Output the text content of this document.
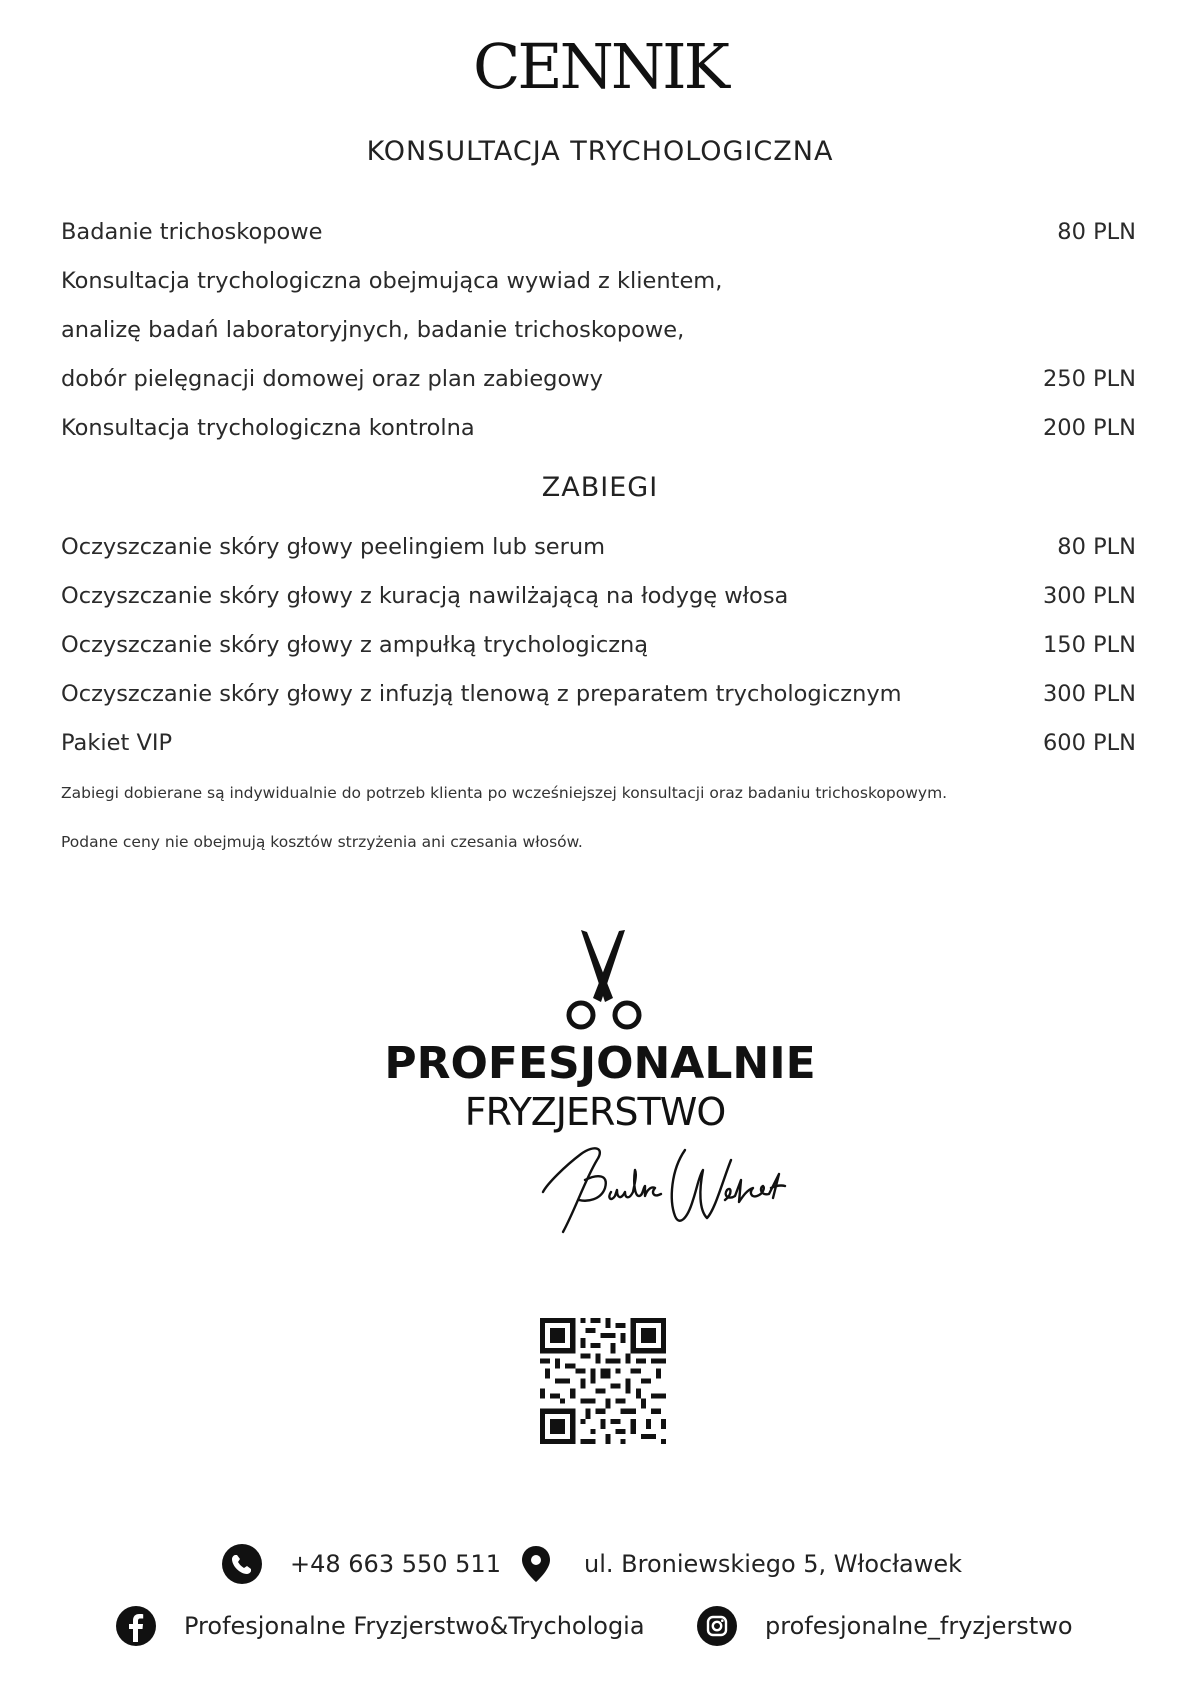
CENNIK
KONSULTACJA TRYCHOLOGICZNA
Badanie trichoskopowe	80 PLN
Konsultacja trychologiczna obejmująca wywiad z klientem,
analizę badań laboratoryjnych, badanie trichoskopowe,
dobór pielęgnacji domowej oraz plan zabiegowy	250 PLN
Konsultacja trychologiczna kontrolna	200 PLN
ZABIEGI
Oczyszczanie skóry głowy peelingiem lub serum	80 PLN
Oczyszczanie skóry głowy z kuracją nawilżającą na łodygę włosa	300 PLN
Oczyszczanie skóry głowy z ampułką trychologiczną	150 PLN
Oczyszczanie skóry głowy z infuzją tlenową z preparatem trychologicznym	300 PLN
Pakiet VIP	600 PLN
Zabiegi dobierane są indywidualnie do potrzeb klienta po wcześniejszej konsultacji oraz badaniu trichoskopowym.
Podane ceny nie obejmują kosztów strzyżenia ani czesania włosów.
PROFESJONALNIE
FRYZJERSTWO
+48 663 550 511	ul. Broniewskiego 5, Włocławek
Profesjonalne Fryzjerstwo&Trychologia	profesjonalne_fryzjerstwo
